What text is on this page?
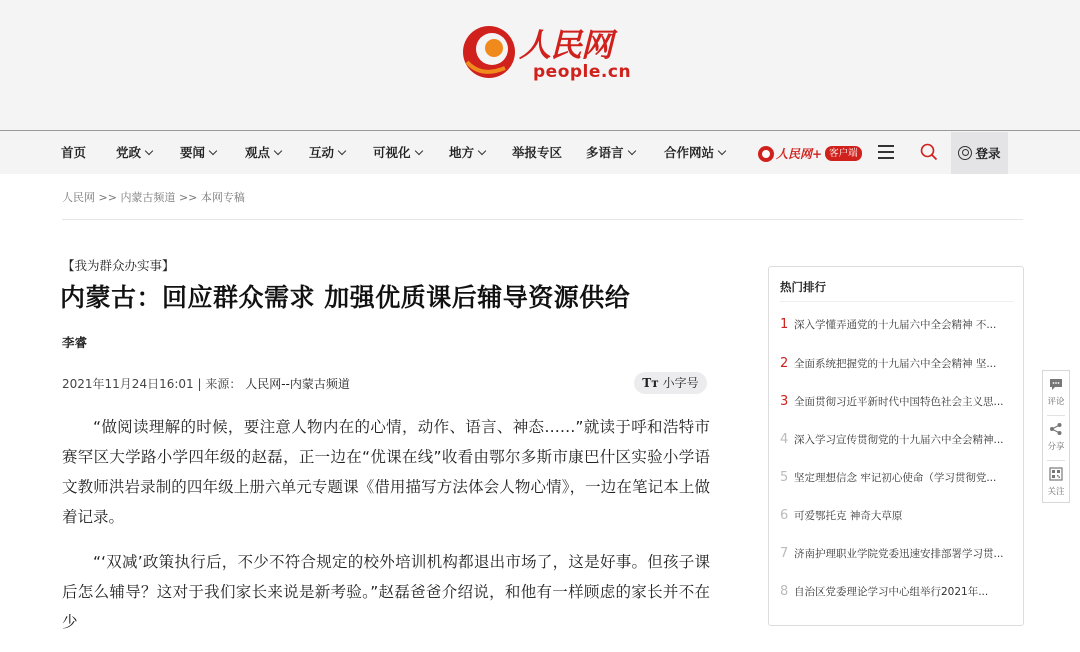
人民网
people.cn
首页 党政	要闻	观点	互动	可视化	地方	举报专区 多语言	合作网站	人民网+ 客户端	登录
人民网 >> 内蒙古频道 >> 本网专稿
【我为群众办实事】
内蒙古：回应群众需求 加强优质课后辅导资源供给
李睿
2021年11月24日16:01 | 来源： 人民网--内蒙古频道	Tт 小字号

“做阅读理解的时候，要注意人物内在的心情，动作、语言、神态……”就读于呼和浩特市赛罕区大学路小学四年级的赵磊，正一边在“优课在线”收看由鄂尔多斯市康巴什区实验小学语文教师洪岩录制的四年级上册六单元专题课《借用描写方法体会人物心情》，一边在笔记本上做着记录。

“‘双减’政策执行后，不少不符合规定的校外培训机构都退出市场了，这是好事。但孩子课后怎么辅导？这对于我们家长来说是新考验。”赵磊爸爸介绍说，和他有一样顾虑的家长并不在少

热门排行
1 深入学懂弄通党的十九届六中全会精神 不...
2 全面系统把握党的十九届六中全会精神 坚...
3 全面贯彻习近平新时代中国特色社会主义思...
4 深入学习宣传贯彻党的十九届六中全会精神...
5 坚定理想信念 牢记初心使命（学习贯彻党...
6 可爱鄂托克 神奇大草原
7 济南护理职业学院党委迅速安排部署学习贯...
8 自治区党委理论学习中心组举行2021年...
评论
分享
关注
